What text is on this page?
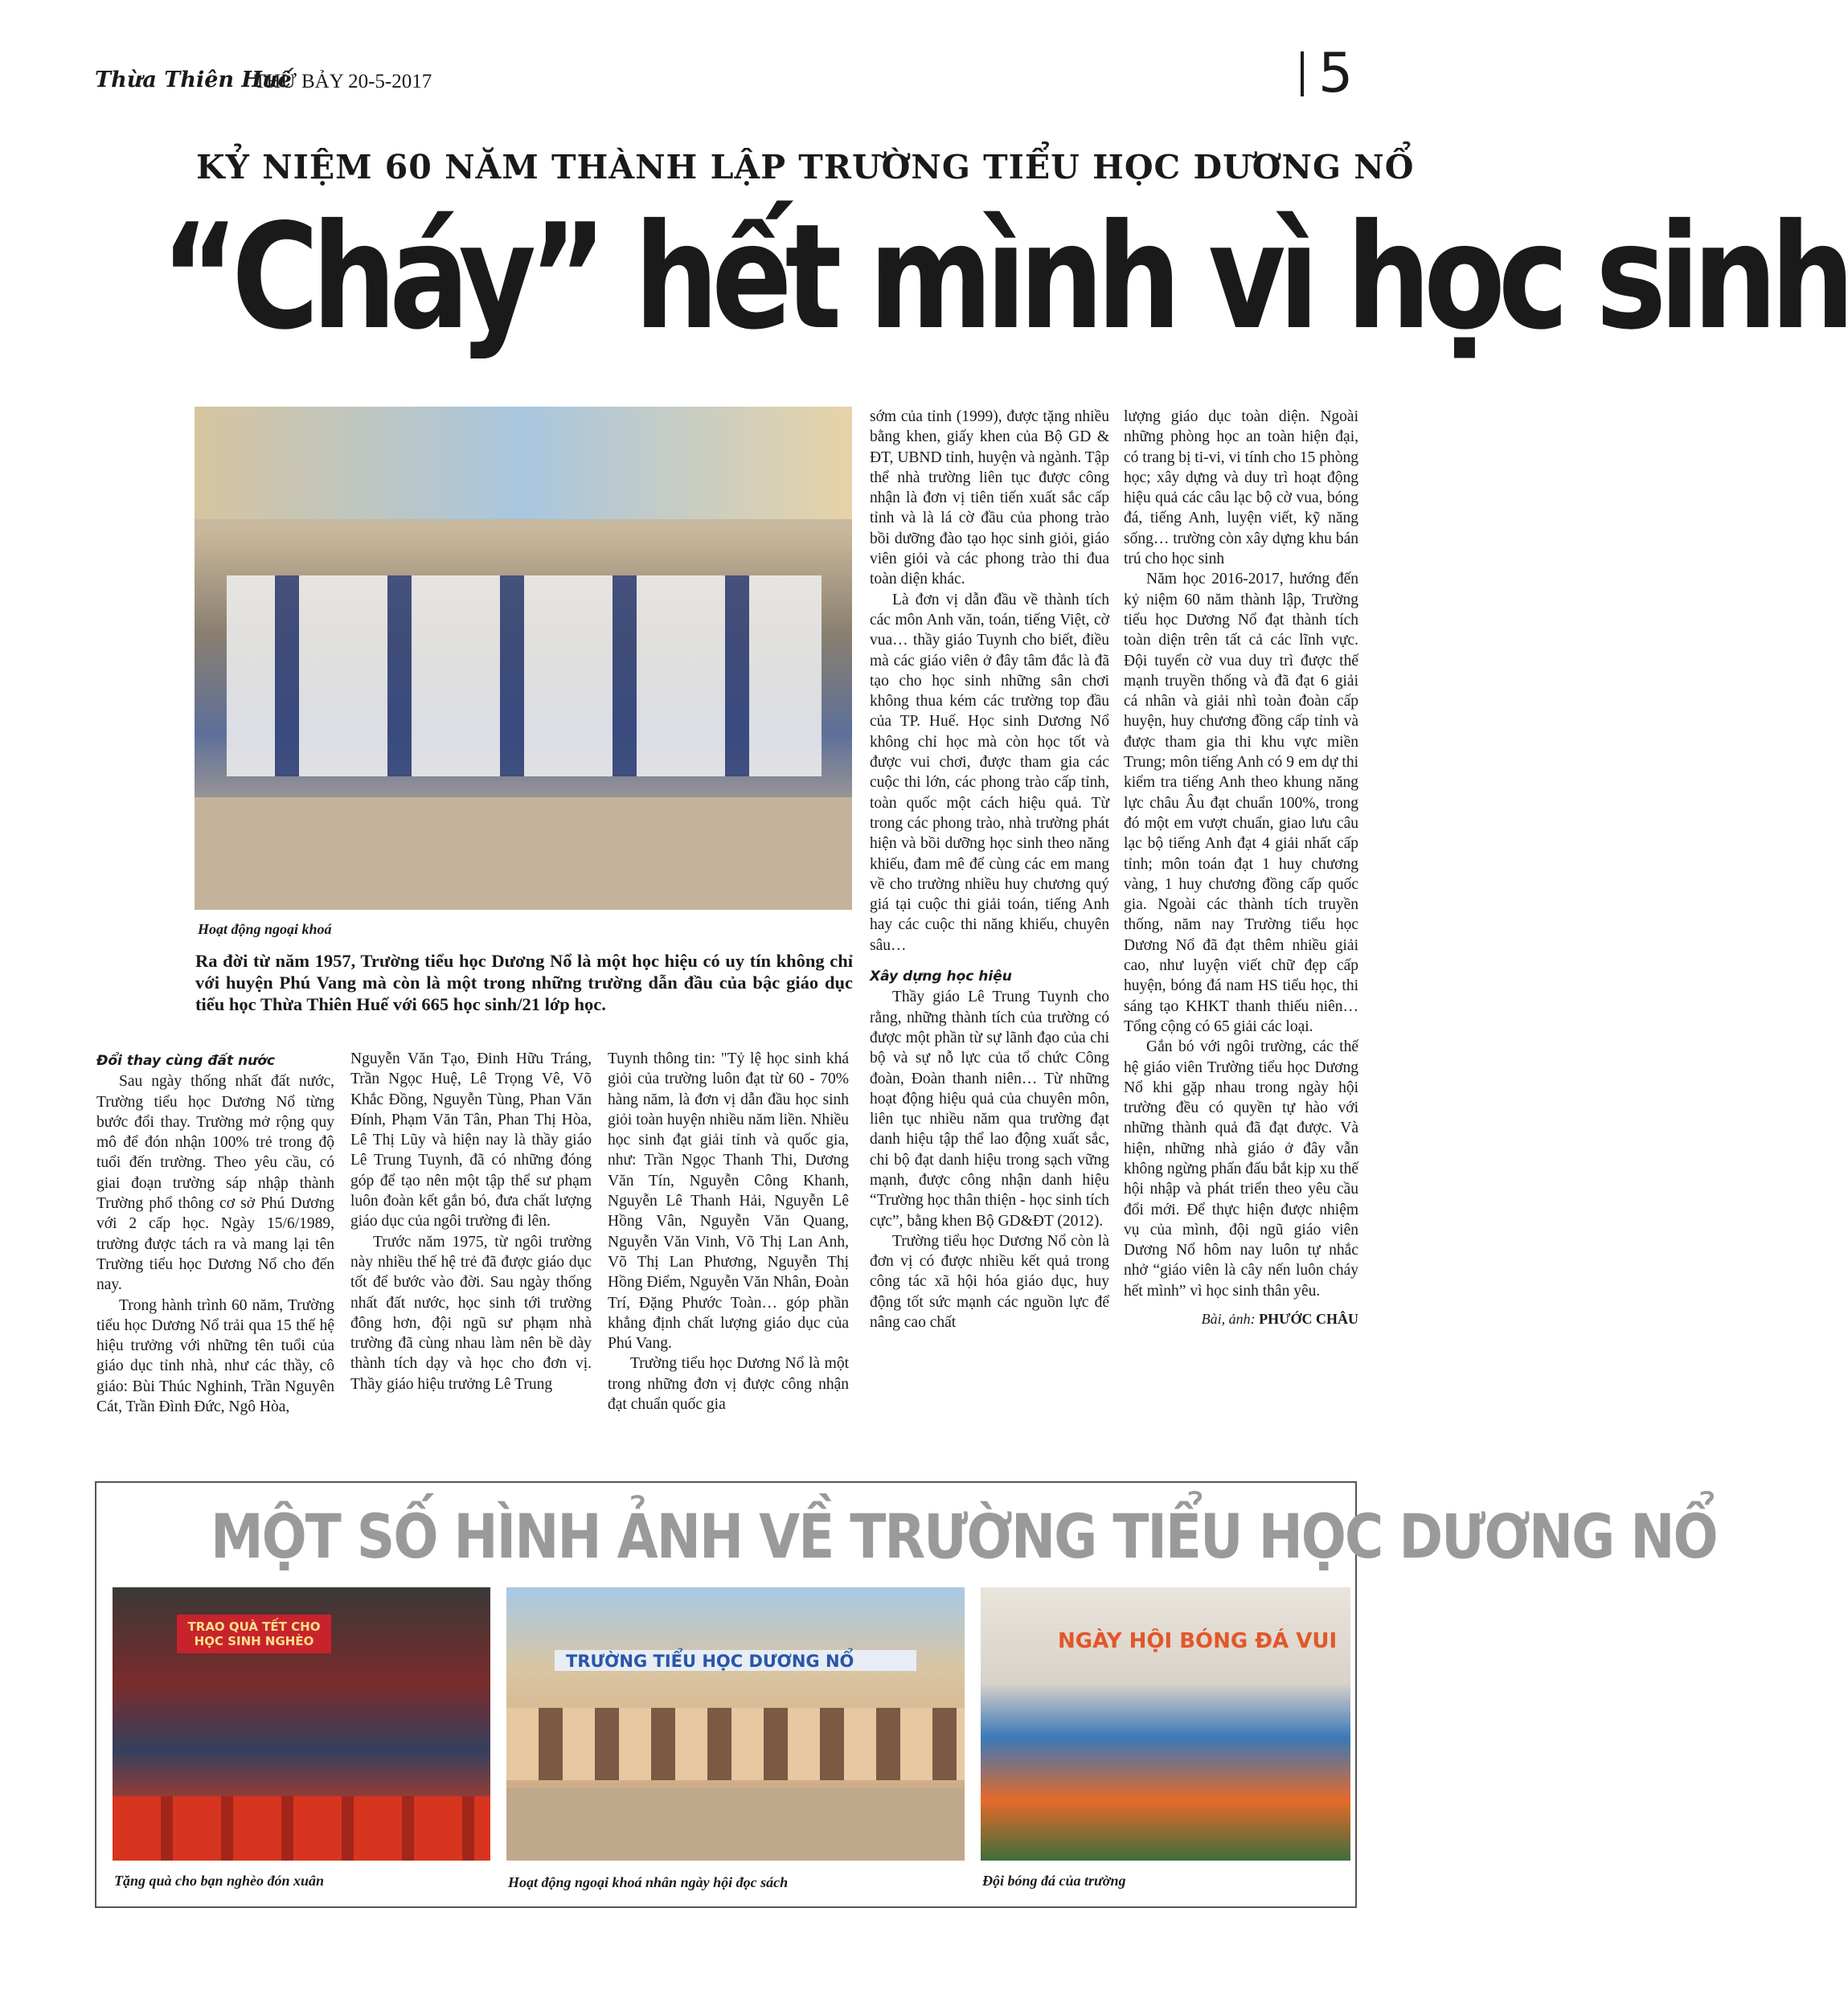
Thừa Thiên Huế
THỨ BẢY 20-5-2017	5
KỶ NIỆM 60 NĂM THÀNH LẬP TRƯỜNG TIỂU HỌC DƯƠNG NỔ
“Cháy” hết mình vì học sinh
Hoạt động ngoại khoá
Ra đời từ năm 1957, Trường tiểu học Dương Nổ là một học hiệu có uy tín không chỉ với huyện Phú Vang mà còn là một trong những trường dẫn đầu của bậc giáo dục tiểu học Thừa Thiên Huế với 665 học sinh/21 lớp học.

sớm của tỉnh (1999), được tặng nhiều bằng khen, giấy khen của Bộ GD & ĐT, UBND tỉnh, huyện và ngành. Tập thể nhà trường liên tục được công nhận là đơn vị tiên tiến xuất sắc cấp tỉnh và là lá cờ đầu của phong trào bồi dưỡng đào tạo học sinh giỏi, giáo viên giỏi và các phong trào thi đua toàn diện khác.

Là đơn vị dẫn đầu về thành tích các môn Anh văn, toán, tiếng Việt, cờ vua… thầy giáo Tuynh cho biết, điều mà các giáo viên ở đây tâm đắc là đã tạo cho học sinh những sân chơi không thua kém các trường top đầu của TP. Huế. Học sinh Dương Nổ không chỉ học mà còn học tốt và được vui chơi, được tham gia các cuộc thi lớn, các phong trào cấp tỉnh, toàn quốc một cách hiệu quả. Từ trong các phong trào, nhà trường phát hiện và bồi dưỡng học sinh theo năng khiếu, đam mê để cùng các em mang về cho trường nhiều huy chương quý giá tại cuộc thi giải toán, tiếng Anh hay các cuộc thi năng khiếu, chuyên sâu…

Xây dựng học hiệu

Thầy giáo Lê Trung Tuynh cho rằng, những thành tích của trường có được một phần từ sự lãnh đạo của chi bộ và sự nỗ lực của tổ chức Công đoàn, Đoàn thanh niên… Từ những hoạt động hiệu quả của chuyên môn, liên tục nhiều năm qua trường đạt danh hiệu tập thể lao động xuất sắc, chi bộ đạt danh hiệu trong sạch vững mạnh, được công nhận danh hiệu “Trường học thân thiện - học sinh tích cực”, bằng khen Bộ GD&ĐT (2012).

Trường tiểu học Dương Nổ còn là đơn vị có được nhiều kết quả trong công tác xã hội hóa giáo dục, huy động tốt sức mạnh các nguồn lực để nâng cao chất

lượng giáo dục toàn diện. Ngoài những phòng học an toàn hiện đại, có trang bị ti-vi, vi tính cho 15 phòng học; xây dựng và duy trì hoạt động hiệu quả các câu lạc bộ cờ vua, bóng đá, tiếng Anh, luyện viết, kỹ năng sống… trường còn xây dựng khu bán trú cho học sinh

Năm học 2016-2017, hướng đến kỷ niệm 60 năm thành lập, Trường tiểu học Dương Nổ đạt thành tích toàn diện trên tất cả các lĩnh vực. Đội tuyển cờ vua duy trì được thế mạnh truyền thống và đã đạt 6 giải cá nhân và giải nhì toàn đoàn cấp huyện, huy chương đồng cấp tỉnh và được tham gia thi khu vực miền Trung; môn tiếng Anh có 9 em dự thi kiểm tra tiếng Anh theo khung năng lực châu Âu đạt chuẩn 100%, trong đó một em vượt chuẩn, giao lưu câu lạc bộ tiếng Anh đạt 4 giải nhất cấp tỉnh; môn toán đạt 1 huy chương vàng, 1 huy chương đồng cấp quốc gia. Ngoài các thành tích truyền thống, năm nay Trường tiểu học Dương Nổ đã đạt thêm nhiều giải cao, như luyện viết chữ đẹp cấp huyện, bóng đá nam HS tiểu học, thi sáng tạo KHKT thanh thiếu niên… Tổng cộng có 65 giải các loại.

Gắn bó với ngôi trường, các thế hệ giáo viên Trường tiểu học Dương Nổ khi gặp nhau trong ngày hội trường đều có quyền tự hào với những thành quả đã đạt được. Và hiện, những nhà giáo ở đây vẫn không ngừng phấn đấu bắt kịp xu thế hội nhập và phát triển theo yêu cầu đổi mới. Để thực hiện được nhiệm vụ của mình, đội ngũ giáo viên Dương Nổ hôm nay luôn tự nhắc nhở “giáo viên là cây nến luôn cháy hết mình” vì học sinh thân yêu.

Bài, ảnh: PHƯỚC CHÂU

Đổi thay cùng đất nước

Sau ngày thống nhất đất nước, Trường tiểu học Dương Nổ từng bước đổi thay. Trường mở rộng quy mô để đón nhận 100% trẻ trong độ tuổi đến trường. Theo yêu cầu, có giai đoạn trường sáp nhập thành Trường phổ thông cơ sở Phú Dương với 2 cấp học. Ngày 15/6/1989, trường được tách ra và mang lại tên Trường tiểu học Dương Nổ cho đến nay.

Trong hành trình 60 năm, Trường tiểu học Dương Nổ trải qua 15 thế hệ hiệu trưởng với những tên tuổi của giáo dục tỉnh nhà, như các thầy, cô giáo: Bùi Thúc Nghinh, Trần Nguyên Cát, Trần Đình Đức, Ngô Hòa,

Nguyễn Văn Tạo, Đinh Hữu Tráng, Trần Ngọc Huệ, Lê Trọng Vê, Võ Khắc Đồng, Nguyễn Tùng, Phan Văn Đính, Phạm Văn Tân, Phan Thị Hòa, Lê Thị Lũy và hiện nay là thầy giáo Lê Trung Tuynh, đã có những đóng góp để tạo nên một tập thể sư phạm luôn đoàn kết gắn bó, đưa chất lượng giáo dục của ngôi trường đi lên.

Trước năm 1975, từ ngôi trường này nhiều thế hệ trẻ đã được giáo dục tốt để bước vào đời. Sau ngày thống nhất đất nước, học sinh tới trường đông hơn, đội ngũ sư phạm nhà trường đã cùng nhau làm nên bề dày thành tích dạy và học cho đơn vị. Thầy giáo hiệu trưởng Lê Trung

Tuynh thông tin: "Tỷ lệ học sinh khá giỏi của trường luôn đạt từ 60 - 70% hàng năm, là đơn vị dẫn đầu học sinh giỏi toàn huyện nhiều năm liền. Nhiều học sinh đạt giải tỉnh và quốc gia, như: Trần Ngọc Thanh Thi, Dương Văn Tín, Nguyễn Công Khanh, Nguyễn Lê Thanh Hải, Nguyễn Lê Hồng Vân, Nguyễn Văn Quang, Nguyễn Văn Vinh, Võ Thị Lan Anh, Võ Thị Lan Phương, Nguyễn Thị Hồng Điểm, Nguyễn Văn Nhân, Đoàn Trí, Đặng Phước Toàn… góp phần khẳng định chất lượng giáo dục của Phú Vang.

Trường tiểu học Dương Nổ là một trong những đơn vị được công nhận đạt chuẩn quốc gia

MỘT SỐ HÌNH ẢNH VỀ TRƯỜNG TIỂU HỌC DƯƠNG NỔ
TRAO QUÀ TẾT CHO HỌC SINH NGHÈO
Tặng quà cho bạn nghèo đón xuân
TRƯỜNG TIỂU HỌC DƯƠNG NỔ
Hoạt động ngoại khoá nhân ngày hội đọc sách
NGÀY HỘI BÓNG ĐÁ VUI
Đội bóng đá của trường
